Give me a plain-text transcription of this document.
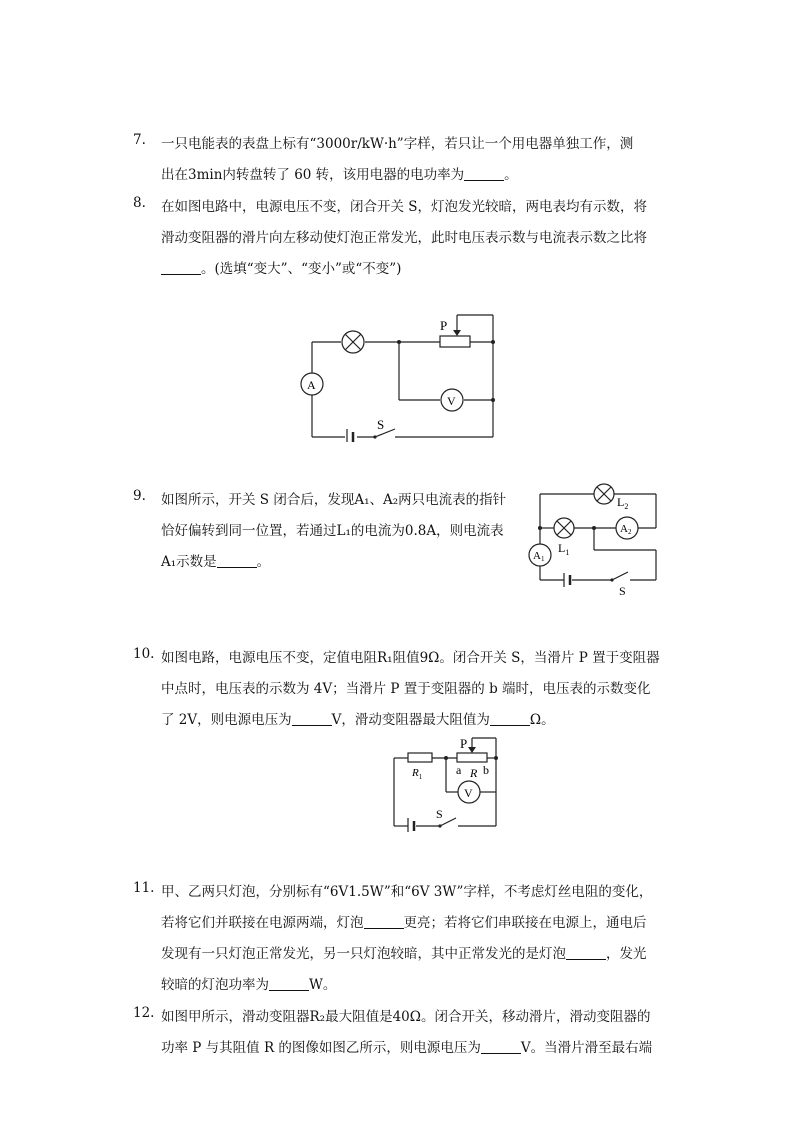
7. 一只电能表的表盘上标有“3000r/kW·h”字样，若只让一个用电器单独工作，测
出在3min内转盘转了 60 转，该用电器的电功率为	。
8. 在如图电路中，电源电压不变，闭合开关 S，灯泡发光较暗，两电表均有示数，将
滑动变阻器的滑片向左移动使灯泡正常发光，此时电压表示数与电流表示数之比将
。(选填“变大”、“变小”或“不变”)
P
A
V
S
9. 如图所示，开关 S 闭合后，发现A₁、A₂两只电流表的指针
恰好偏转到同一位置，若通过L₁的电流为0.8A，则电流表
A₁示数是	。
$L_2$
A2
A1
$L_1$
S
10. 如图电路，电源电压不变，定值电阻R₁阻值9Ω。闭合开关 S，当滑片 P 置于变阻器
中点时，电压表的示数为 4V；当滑片 P 置于变阻器的 b 端时，电压表的示数变化
了 2V，则电源电压为	V，滑动变阻器最大阻值为	Ω。
P
$R_1$	a R b
V
S
11. 甲、乙两只灯泡，分别标有“6V1.5W”和“6V 3W”字样，不考虑灯丝电阻的变化，
若将它们并联接在电源两端，灯泡	更亮；若将它们串联接在电源上，通电后
发现有一只灯泡正常发光，另一只灯泡较暗，其中正常发光的是灯泡	，发光
较暗的灯泡功率为	W。
12. 如图甲所示，滑动变阻器R₂最大阻值是40Ω。闭合开关，移动滑片，滑动变阻器的
功率 P 与其阻值 R 的图像如图乙所示，则电源电压为	V。当滑片滑至最右端
